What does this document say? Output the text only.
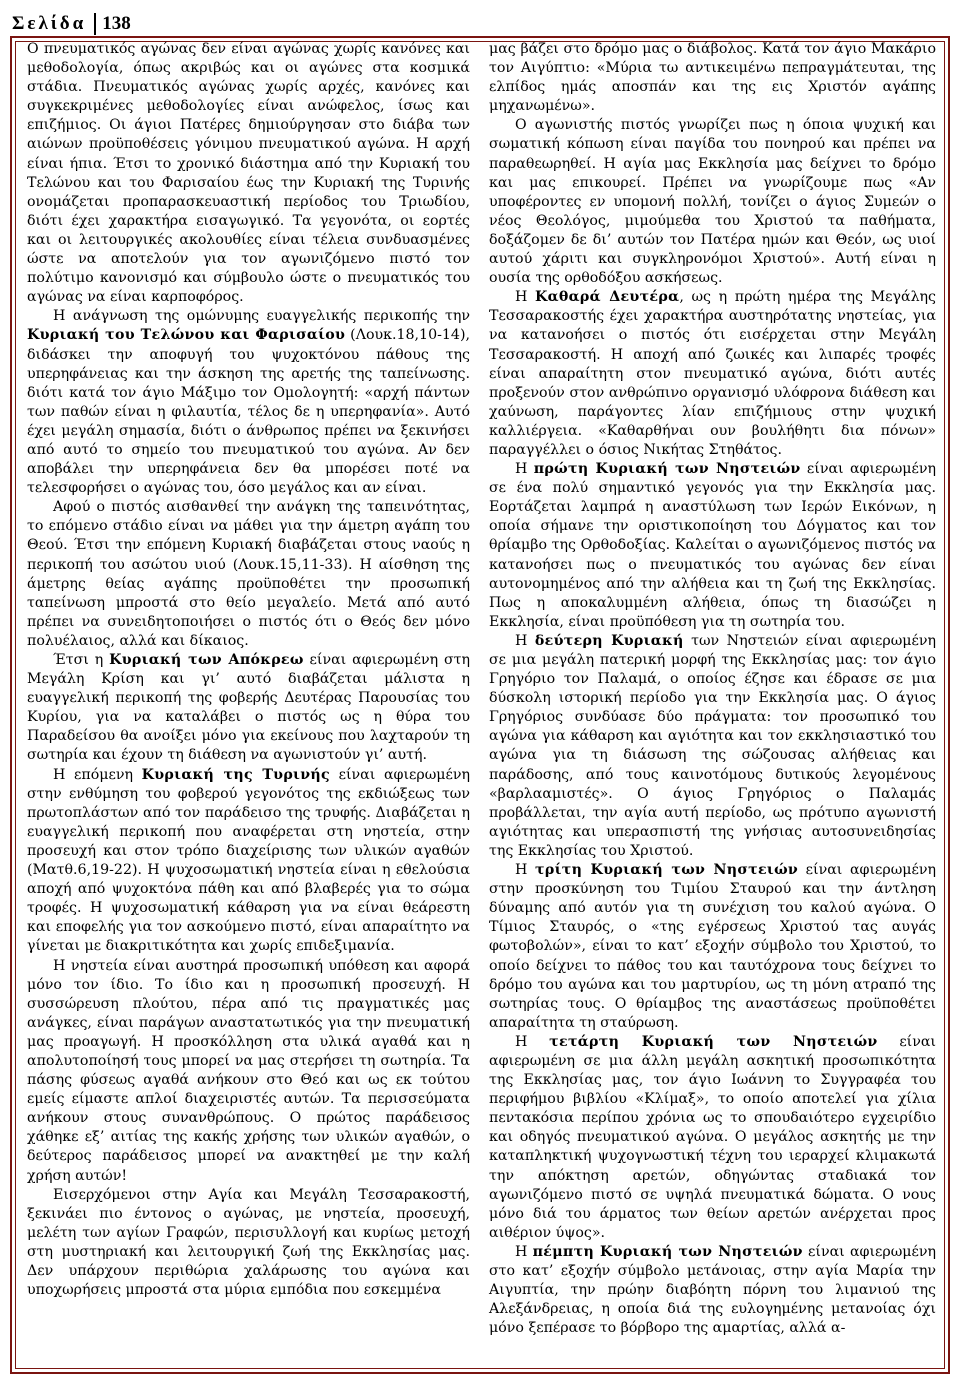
Σελίδα 138

Ο πνευματικός αγώνας δεν είναι αγώνας χωρίς κανόνες και μεθοδολογία, όπως ακριβώς και οι αγώνες στα κοσμικά στάδια. Πνευματικός αγώνας χωρίς αρχές, κανόνες και συγκεκριμένες μεθοδολογίες είναι ανώφελος, ίσως και επιζήμιος. Οι άγιοι Πατέρες δημιούργησαν στο διάβα των αιώνων προϋποθέσεις γόνιμου πνευματικού αγώνα. Η αρχή είναι ήπια. Έτσι το χρονικό διάστημα από την Κυριακή του Τελώνου και του Φαρισαίου έως την Κυριακή της Τυρινής ονομάζεται προπαρασκευαστική περίοδος του Τριωδίου, διότι έχει χαρακτήρα εισαγωγικό. Τα γεγονότα, οι εορτές και οι λειτουργικές ακολουθίες είναι τέλεια συνδυασμένες ώστε να αποτελούν για τον αγωνιζόμενο πιστό τον πολύτιμο κανονισμό και σύμβουλο ώστε ο πνευματικός του αγώνας να είναι καρποφόρος.

Η ανάγνωση της ομώνυμης ευαγγελικής περικοπής την Κυριακή του Τελώνου και Φαρισαίου (Λουκ.18,10-14), διδάσκει την αποφυγή του ψυχοκτόνου πάθους της υπερηφάνειας και την άσκηση της αρετής της ταπείνωσης. διότι κατά τον άγιο Μάξιμο τον Ομολογητή: «αρχή πάντων των παθών είναι η φιλαυτία, τέλος δε η υπερηφανία». Αυτό έχει μεγάλη σημασία, διότι ο άνθρωπος πρέπει να ξεκινήσει από αυτό το σημείο του πνευματικού του αγώνα. Αν δεν αποβάλει την υπερηφάνεια δεν θα μπορέσει ποτέ να τελεσφορήσει ο αγώνας του, όσο μεγάλος και αν είναι.

Αφού ο πιστός αισθανθεί την ανάγκη της ταπεινότητας, το επόμενο στάδιο είναι να μάθει για την άμετρη αγάπη του Θεού. Έτσι την επόμενη Κυριακή διαβάζεται στους ναούς η περικοπή του ασώτου υιού (Λουκ.15,11-33). Η αίσθηση της άμετρης θείας αγάπης προϋποθέτει την προσωπική ταπείνωση μπροστά στο θείο μεγαλείο. Μετά από αυτό πρέπει να συνειδητοποιήσει ο πιστός ότι ο Θεός δεν μόνο πολυέλαιος, αλλά και δίκαιος.

Έτσι η Κυριακή των Απόκρεω είναι αφιερωμένη στη Μεγάλη Κρίση και γι’ αυτό διαβάζεται μάλιστα η ευαγγελική περικοπή της φοβερής Δευτέρας Παρουσίας του Κυρίου, για να καταλάβει ο πιστός ως η θύρα του Παραδείσου θα ανοίξει μόνο για εκείνους που λαχταρούν τη σωτηρία και έχουν τη διάθεση να αγωνιστούν γι’ αυτή.

Η επόμενη Κυριακή της Τυρινής είναι αφιερωμένη στην ενθύμηση του φοβερού γεγονότος της εκδιώξεως των πρωτοπλάστων από τον παράδεισο της τρυφής. Διαβάζεται η ευαγγελική περικοπή που αναφέρεται στη νηστεία, στην προσευχή και στον τρόπο διαχείρισης των υλικών αγαθών (Ματθ.6,19-22). Η ψυχοσωματική νηστεία είναι η εθελούσια αποχή από ψυχοκτόνα πάθη και από βλαβερές για το σώμα τροφές. Η ψυχοσωματική κάθαρση για να είναι θεάρεστη και εποφελής για τον ασκούμενο πιστό, είναι απαραίτητο να γίνεται με διακριτικότητα και χωρίς επιδεξιμανία.

Η νηστεία είναι αυστηρά προσωπική υπόθεση και αφορά μόνο τον ίδιο. Το ίδιο και η προσωπική προσευχή. Η συσσώρευση πλούτου, πέρα από τις πραγματικές μας ανάγκες, είναι παράγων αναστατωτικός για την πνευματική μας προαγωγή. Η προσκόλληση στα υλικά αγαθά και η απολυτοποίησή τους μπορεί να μας στερήσει τη σωτηρία. Τα πάσης φύσεως αγαθά ανήκουν στο Θεό και ως εκ τούτου εμείς είμαστε απλοί διαχειριστές αυτών. Τα περισσεύματα ανήκουν στους συνανθρώπους. Ο πρώτος παράδεισος χάθηκε εξ’ αιτίας της κακής χρήσης των υλικών αγαθών, ο δεύτερος παράδεισος μπορεί να ανακτηθεί με την καλή χρήση αυτών!

Εισερχόμενοι στην Αγία και Μεγάλη Τεσσαρακοστή, ξεκινάει πιο έντονος ο αγώνας, με νηστεία, προσευχή, μελέτη των αγίων Γραφών, περισυλλογή και κυρίως μετοχή στη μυστηριακή και λειτουργική ζωή της Εκκλησίας μας. Δεν υπάρχουν περιθώρια χαλάρωσης του αγώνα και υποχωρήσεις μπροστά στα μύρια εμπόδια που εσκεμμένα

μας βάζει στο δρόμο μας ο διάβολος. Κατά τον άγιο Μακάριο τον Αιγύπτιο: «Μύρια τω αντικειμένω πεπραγμάτευται, της ελπίδος ημάς αποσπάν και της εις Χριστόν αγάπης μηχανωμένω».

Ο αγωνιστής πιστός γνωρίζει πως η όποια ψυχική και σωματική κόπωση είναι παγίδα του πονηρού και πρέπει να παραθεωρηθεί. Η αγία μας Εκκλησία μας δείχνει το δρόμο και μας επικουρεί. Πρέπει να γνωρίζουμε πως «Αν υποφέροντες εν υπομονή πολλή, τονίζει ο άγιος Συμεών ο νέος Θεολόγος, μιμούμεθα του Χριστού τα παθήματα, δοξάζομεν δε δι’ αυτών τον Πατέρα ημών και Θεόν, ως υιοί αυτού χάριτι και συγκληρονόμοι Χριστού». Αυτή είναι η ουσία της ορθοδόξου ασκήσεως.

Η Καθαρά Δευτέρα, ως η πρώτη ημέρα της Μεγάλης Τεσσαρακοστής έχει χαρακτήρα αυστηρότατης νηστείας, για να κατανοήσει ο πιστός ότι εισέρχεται στην Μεγάλη Τεσσαρακοστή. Η αποχή από ζωικές και λιπαρές τροφές είναι απαραίτητη στον πνευματικό αγώνα, διότι αυτές προξενούν στον ανθρώπινο οργανισμό υλόφρονα διάθεση και χαύνωση, παράγοντες λίαν επιζήμιους στην ψυχική καλλιέργεια. «Καθαρθήναι ουν βουλήθητι δια πόνων» παραγγέλλει ο όσιος Νικήτας Στηθάτος.

Η πρώτη Κυριακή των Νηστειών είναι αφιερωμένη σε ένα πολύ σημαντικό γεγονός για την Εκκλησία μας. Εορτάζεται λαμπρά η αναστύλωση των Ιερών Εικόνων, η οποία σήμανε την οριστικοποίηση του Δόγματος και τον θρίαμβο της Ορθοδοξίας. Καλείται ο αγωνιζόμενος πιστός να κατανοήσει πως ο πνευματικός του αγώνας δεν είναι αυτονομημένος από την αλήθεια και τη ζωή της Εκκλησίας. Πως η αποκαλυμμένη αλήθεια, όπως τη διασώζει η Εκκλησία, είναι προϋπόθεση για τη σωτηρία του.

Η δεύτερη Κυριακή των Νηστειών είναι αφιερωμένη σε μια μεγάλη πατερική μορφή της Εκκλησίας μας: τον άγιο Γρηγόριο τον Παλαμά, ο οποίος έζησε και έδρασε σε μια δύσκολη ιστορική περίοδο για την Εκκλησία μας. Ο άγιος Γρηγόριος συνδύασε δύο πράγματα: τον προσωπικό του αγώνα για κάθαρση και αγιότητα και τον εκκλησιαστικό του αγώνα για τη διάσωση της σώζουσας αλήθειας και παράδοσης, από τους καινοτόμους δυτικούς λεγομένους «βαρλααμιστές». Ο άγιος Γρηγόριος ο Παλαμάς προβάλλεται, την αγία αυτή περίοδο, ως πρότυπο αγωνιστή αγιότητας και υπερασπιστή της γνήσιας αυτοσυνειδησίας της Εκκλησίας του Χριστού.

Η τρίτη Κυριακή των Νηστειών είναι αφιερωμένη στην προσκύνηση του Τιμίου Σταυρού και την άντληση δύναμης από αυτόν για τη συνέχιση του καλού αγώνα. Ο Τίμιος Σταυρός, ο «της εγέρσεως Χριστού τας αυγάς φωτοβολών», είναι το κατ’ εξοχήν σύμβολο του Χριστού, το οποίο δείχνει το πάθος του και ταυτόχρονα τους δείχνει το δρόμο του αγώνα και του μαρτυρίου, ως τη μόνη ατραπό της σωτηρίας τους. Ο θρίαμβος της αναστάσεως προϋποθέτει απαραίτητα τη σταύρωση.

Η τετάρτη Κυριακή των Νηστειών είναι αφιερωμένη σε μια άλλη μεγάλη ασκητική προσωπικότητα της Εκκλησίας μας, τον άγιο Ιωάννη το Συγγραφέα του περιφήμου βιβλίου «Κλίμαξ», το οποίο αποτελεί για χίλια πεντακόσια περίπου χρόνια ως το σπουδαιότερο εγχειρίδιο και οδηγός πνευματικού αγώνα. Ο μεγάλος ασκητής με την καταπληκτική ψυχογνωστική τέχνη του ιεραρχεί κλιμακωτά την απόκτηση αρετών, οδηγώντας σταδιακά τον αγωνιζόμενο πιστό σε υψηλά πνευματικά δώματα. Ο νους μόνο διά του άρματος των θείων αρετών ανέρχεται προς αιθέριον ύψος».

Η πέμπτη Κυριακή των Νηστειών είναι αφιερωμένη στο κατ’ εξοχήν σύμβολο μετάνοιας, στην αγία Μαρία την Αιγυπτία, την πρώην διαβόητη πόρνη του λιμανιού της Αλεξάνδρειας, η οποία διά της ευλογημένης μετανοίας όχι μόνο ξεπέρασε το βόρβορο της αμαρτίας, αλλά α-
